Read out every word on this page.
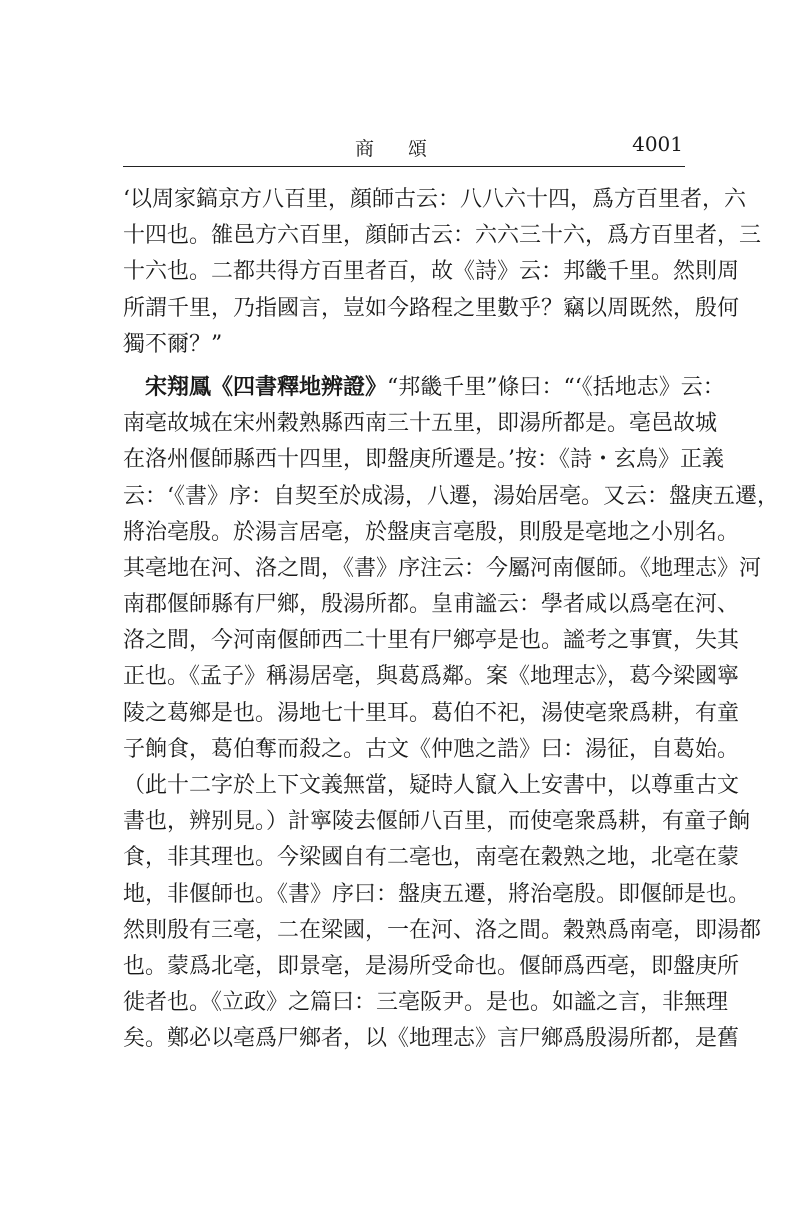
商頌	4001
‘以周家鎬京方八百里，顔師古云：八八六十四，爲方百里者，六
十四也。雒邑方六百里，顔師古云：六六三十六，爲方百里者，三
十六也。二都共得方百里者百，故《詩》云：邦畿千里。然則周
所謂千里，乃指國言，豈如今路程之里數乎？竊以周既然，殷何
獨不爾？”
宋翔鳳《四書釋地辨證》“邦畿千里”條曰：“‘《括地志》云：
南亳故城在宋州穀熟縣西南三十五里，即湯所都是。亳邑故城
在洛州偃師縣西十四里，即盤庚所遷是。’按：《詩・玄鳥》正義
云：‘《書》序：自契至於成湯，八遷，湯始居亳。又云：盤庚五遷，
將治亳殷。於湯言居亳，於盤庚言亳殷，則殷是亳地之小別名。
其亳地在河、洛之間，《書》序注云：今屬河南偃師。《地理志》河
南郡偃師縣有尸鄉，殷湯所都。皇甫謐云：學者咸以爲亳在河、
洛之間，今河南偃師西二十里有尸鄉亭是也。謐考之事實，失其
正也。《孟子》稱湯居亳，與葛爲鄰。案《地理志》，葛今梁國寧
陵之葛鄉是也。湯地七十里耳。葛伯不祀，湯使亳衆爲耕，有童
子餉食，葛伯奪而殺之。古文《仲虺之誥》曰：湯征，自葛始。
（此十二字於上下文義無當，疑時人竄入上安書中，以尊重古文
書也，辨别見。）計寧陵去偃師八百里，而使亳衆爲耕，有童子餉
食，非其理也。今梁國自有二亳也，南亳在穀熟之地，北亳在蒙
地，非偃師也。《書》序曰：盤庚五遷，將治亳殷。即偃師是也。
然則殷有三亳，二在梁國，一在河、洛之間。穀熟爲南亳，即湯都
也。蒙爲北亳，即景亳，是湯所受命也。偃師爲西亳，即盤庚所
徙者也。《立政》之篇曰：三亳阪尹。是也。如謐之言，非無理
矣。鄭必以亳爲尸鄉者，以《地理志》言尸鄉爲殷湯所都，是舊
